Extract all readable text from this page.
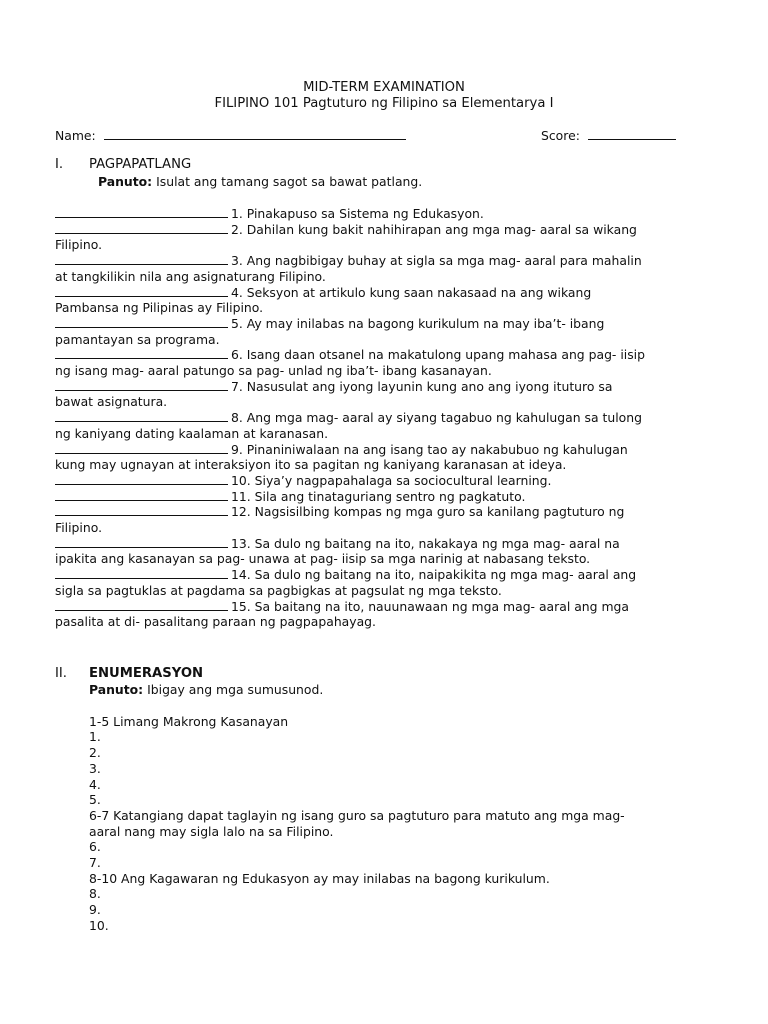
MID-TERM EXAMINATION
FILIPINO 101 Pagtuturo ng Filipino sa Elementarya I
Name:	Score:
I. PAGPAPATLANG
Panuto: Isulat ang tamang sagot sa bawat patlang.
1. Pinakapuso sa Sistema ng Edukasyon.
2. Dahilan kung bakit nahihirapan ang mga mag- aaral sa wikang
Filipino.
3. Ang nagbibigay buhay at sigla sa mga mag- aaral para mahalin
at tangkilikin nila ang asignaturang Filipino.
4. Seksyon at artikulo kung saan nakasaad na ang wikang
Pambansa ng Pilipinas ay Filipino.
5. Ay may inilabas na bagong kurikulum na may iba’t- ibang
pamantayan sa programa.
6. Isang daan otsanel na makatulong upang mahasa ang pag- iisip
ng isang mag- aaral patungo sa pag- unlad ng iba’t- ibang kasanayan.
7. Nasusulat ang iyong layunin kung ano ang iyong ituturo sa
bawat asignatura.
8. Ang mga mag- aaral ay siyang tagabuo ng kahulugan sa tulong
ng kaniyang dating kaalaman at karanasan.
9. Pinaniniwalaan na ang isang tao ay nakabubuo ng kahulugan
kung may ugnayan at interaksiyon ito sa pagitan ng kaniyang karanasan at ideya.
10. Siya’y nagpapahalaga sa sociocultural learning.
11. Sila ang tinataguriang sentro ng pagkatuto.
12. Nagsisilbing kompas ng mga guro sa kanilang pagtuturo ng
Filipino.
13. Sa dulo ng baitang na ito, nakakaya ng mga mag- aaral na
ipakita ang kasanayan sa pag- unawa at pag- iisip sa mga narinig at nabasang teksto.
14. Sa dulo ng baitang na ito, naipakikita ng mga mag- aaral ang
sigla sa pagtuklas at pagdama sa pagbigkas at pagsulat ng mga teksto.
15. Sa baitang na ito, nauunawaan ng mga mag- aaral ang mga
pasalita at di- pasalitang paraan ng pagpapahayag.
II. ENUMERASYON
Panuto: Ibigay ang mga sumusunod.

1-5 Limang Makrong Kasanayan
1.
2.
3.
4.
5.
6-7 Katangiang dapat taglayin ng isang guro sa pagtuturo para matuto ang mga mag-
aaral nang may sigla lalo na sa Filipino.
6.
7.
8-10 Ang Kagawaran ng Edukasyon ay may inilabas na bagong kurikulum.
8.
9.
10.
